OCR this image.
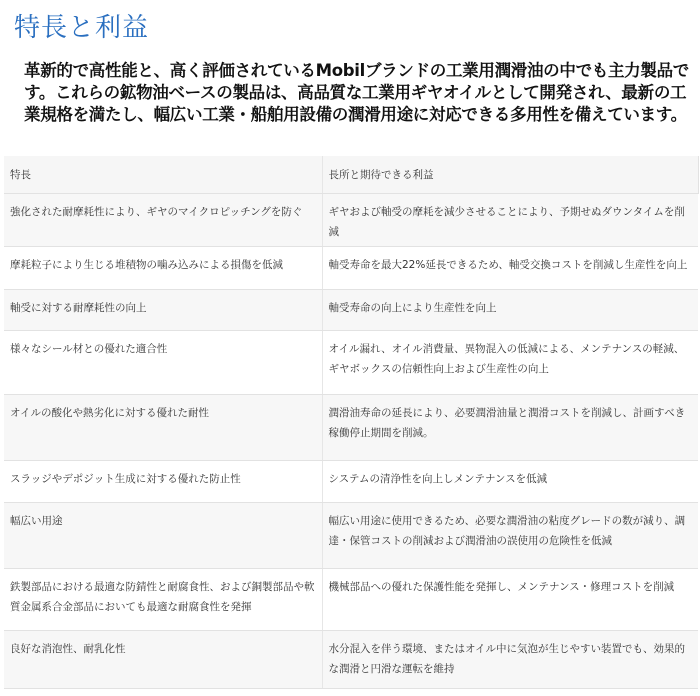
特長と利益

革新的で高性能と、高く評価されているMobilブランドの工業用潤滑油の中でも主力製品です。これらの鉱物油ベースの製品は、高品質な工業用ギヤオイルとして開発され、最新の工業規格を満たし、幅広い工業・船舶用設備の潤滑用途に対応できる多用性を備えています。

特長	長所と期待できる利益
強化された耐摩耗性により、ギヤのマイクロピッチングを防ぐ	ギヤおよび軸受の摩耗を減少させることにより、予期せぬダウンタイムを削減
摩耗粒子により生じる堆積物の噛み込みによる損傷を低減	軸受寿命を最大22%延長できるため、軸受交換コストを削減し生産性を向上
軸受に対する耐摩耗性の向上	軸受寿命の向上により生産性を向上
様々なシール材との優れた適合性	オイル漏れ、オイル消費量、異物混入の低減による、メンテナンスの軽減、ギヤボックスの信頼性向上および生産性の向上
オイルの酸化や熱劣化に対する優れた耐性	潤滑油寿命の延長により、必要潤滑油量と潤滑コストを削減し、計画すべき稼働停止期間を削減。
スラッジやデポジット生成に対する優れた防止性	システムの清浄性を向上しメンテナンスを低減
幅広い用途	幅広い用途に使用できるため、必要な潤滑油の粘度グレードの数が減り、調達・保管コストの削減および潤滑油の誤使用の危険性を低減
鉄製部品における最適な防錆性と耐腐食性、および銅製部品や軟質金属系合金部品においても最適な耐腐食性を発揮	機械部品への優れた保護性能を発揮し、メンテナンス・修理コストを削減
良好な消泡性、耐乳化性	水分混入を伴う環境、またはオイル中に気泡が生じやすい装置でも、効果的な潤滑と円滑な運転を維持
